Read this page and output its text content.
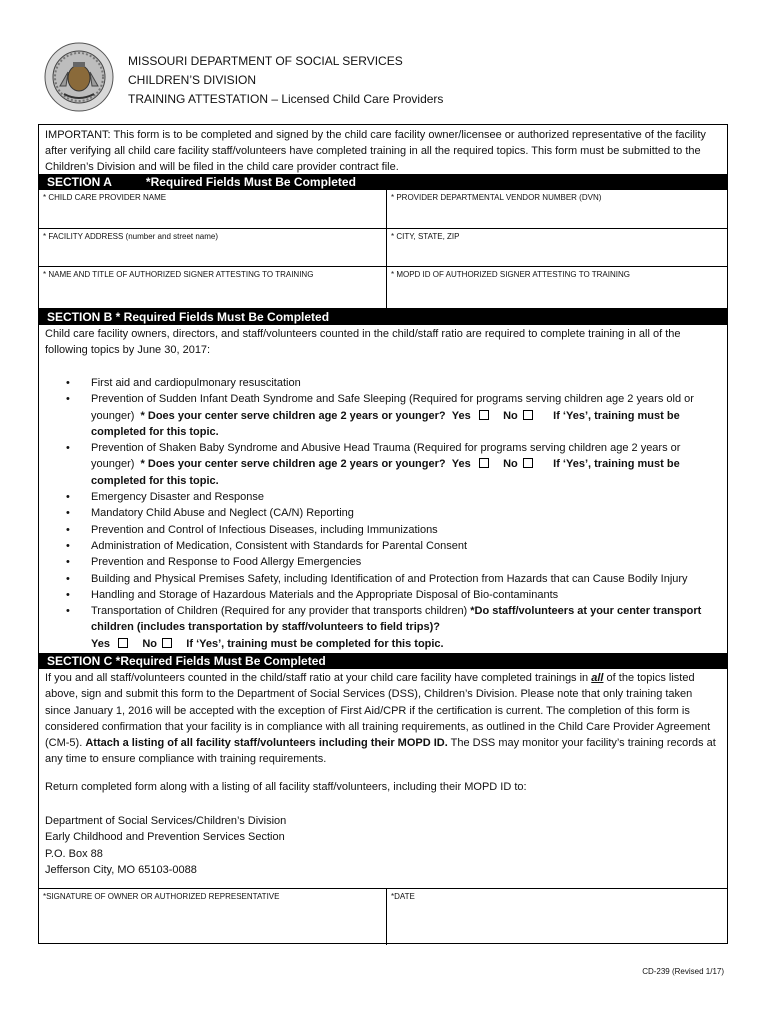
MISSOURI DEPARTMENT OF SOCIAL SERVICES
CHILDREN’S DIVISION
TRAINING ATTESTATION – Licensed Child Care Providers
IMPORTANT: This form is to be completed and signed by the child care facility owner/licensee or authorized representative of the facility after verifying all child care facility staff/volunteers have completed training in all the required topics. This form must be submitted to the Children’s Division and will be filed in the child care provider contract file.
SECTION A	*Required Fields Must Be Completed
* CHILD CARE PROVIDER NAME	* PROVIDER DEPARTMENTAL VENDOR NUMBER (DVN)
* FACILITY ADDRESS (number and street name)	* CITY, STATE, ZIP
* NAME AND TITLE OF AUTHORIZED SIGNER ATTESTING TO TRAINING	* MOPD ID OF AUTHORIZED SIGNER ATTESTING TO TRAINING
SECTION B * Required Fields Must Be Completed
Child care facility owners, directors, and staff/volunteers counted in the child/staff ratio are required to complete training in all of the following topics by June 30, 2017:
• First aid and cardiopulmonary resuscitation
• Prevention of Sudden Infant Death Syndrome and Safe Sleeping (Required for programs serving children age 2 years old or younger) * Does your center serve children age 2 years or younger? Yes	No	If ‘Yes’, training must be completed for this topic.
• Prevention of Shaken Baby Syndrome and Abusive Head Trauma (Required for programs serving children age 2 years or younger) * Does your center serve children age 2 years or younger? Yes	No	If ‘Yes’, training must be completed for this topic.
• Emergency Disaster and Response
• Mandatory Child Abuse and Neglect (CA/N) Reporting
• Prevention and Control of Infectious Diseases, including Immunizations
• Administration of Medication, Consistent with Standards for Parental Consent
• Prevention and Response to Food Allergy Emergencies
• Building and Physical Premises Safety, including Identification of and Protection from Hazards that can Cause Bodily Injury
• Handling and Storage of Hazardous Materials and the Appropriate Disposal of Bio-contaminants
• Transportation of Children (Required for any provider that transports children) *Do staff/volunteers at your center transport children (includes transportation by staff/volunteers to field trips)?
Yes	No	If ‘Yes’, training must be completed for this topic.
SECTION C *Required Fields Must Be Completed
If you and all staff/volunteers counted in the child/staff ratio at your child care facility have completed trainings in all of the topics listed above, sign and submit this form to the Department of Social Services (DSS), Children’s Division. Please note that only training taken since January 1, 2016 will be accepted with the exception of First Aid/CPR if the certification is current. The completion of this form is considered confirmation that your facility is in compliance with all training requirements, as outlined in the Child Care Provider Agreement (CM-5). Attach a listing of all facility staff/volunteers including their MOPD ID. The DSS may monitor your facility’s training records at any time to ensure compliance with training requirements.
Return completed form along with a listing of all facility staff/volunteers, including their MOPD ID to:
Department of Social Services/Children’s Division
Early Childhood and Prevention Services Section
P.O. Box 88
Jefferson City, MO 65103-0088
*SIGNATURE OF OWNER OR AUTHORIZED REPRESENTATIVE	*DATE
CD-239 (Revised 1/17)
